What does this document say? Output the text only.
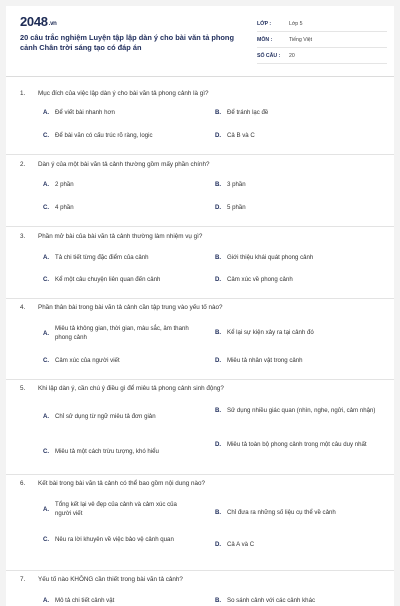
2048.vn
20 câu trắc nghiệm Luyện tập lập dàn ý cho bài văn tả phong cảnh Chân trời sáng tạo có đáp án
LỚP :	Lớp 5
MÔN :	Tiếng Việt
SỐ CÂU :	20
1. Mục đích của việc lập dàn ý cho bài văn tả phong cảnh là gì?
A. Để viết bài nhanh hơn	B. Để tránh lạc đề
C. Để bài văn có cấu trúc rõ ràng, logic	D. Cả B và C
2. Dàn ý của một bài văn tả cảnh thường gồm mấy phần chính?
A. 2 phần	B. 3 phần
C. 4 phần	D. 5 phần
3. Phần mở bài của bài văn tả cảnh thường làm nhiệm vụ gì?
A. Tả chi tiết từng đặc điểm của cảnh	B. Giới thiệu khái quát phong cảnh
C. Kể một câu chuyện liên quan đến cảnh	D. Cảm xúc về phong cảnh
4. Phần thân bài trong bài văn tả cảnh cần tập trung vào yếu tố nào?
A.
Miêu tả không gian, thời gian, màu sắc, âm thanh phong cảnh
B. Kể lại sự kiện xảy ra tại cảnh đó
C. Cảm xúc của người viết	D. Miêu tả nhân vật trong cảnh
5. Khi lập dàn ý, cần chú ý điều gì để miêu tả phong cảnh sinh động?
A. Chỉ sử dụng từ ngữ miêu tả đơn giản
B. Sử dụng nhiều giác quan (nhìn, nghe, ngửi, cảm nhận)
C. Miêu tả một cách trừu tượng, khó hiểu
D. Miêu tả toàn bộ phong cảnh trong một câu duy nhất
6. Kết bài trong bài văn tả cảnh có thể bao gồm nội dung nào?
A.
Tổng kết lại vẻ đẹp của cảnh và cảm xúc của người viết	B. Chỉ đưa ra những số liệu cụ thể về cảnh
C. Nêu ra lời khuyên về việc bảo vệ cảnh quan
D. Cả A và C
7. Yếu tố nào KHÔNG cần thiết trong bài văn tả cảnh?
A. Mô tả chi tiết cảnh vật	B. So sánh cảnh với các cảnh khác
